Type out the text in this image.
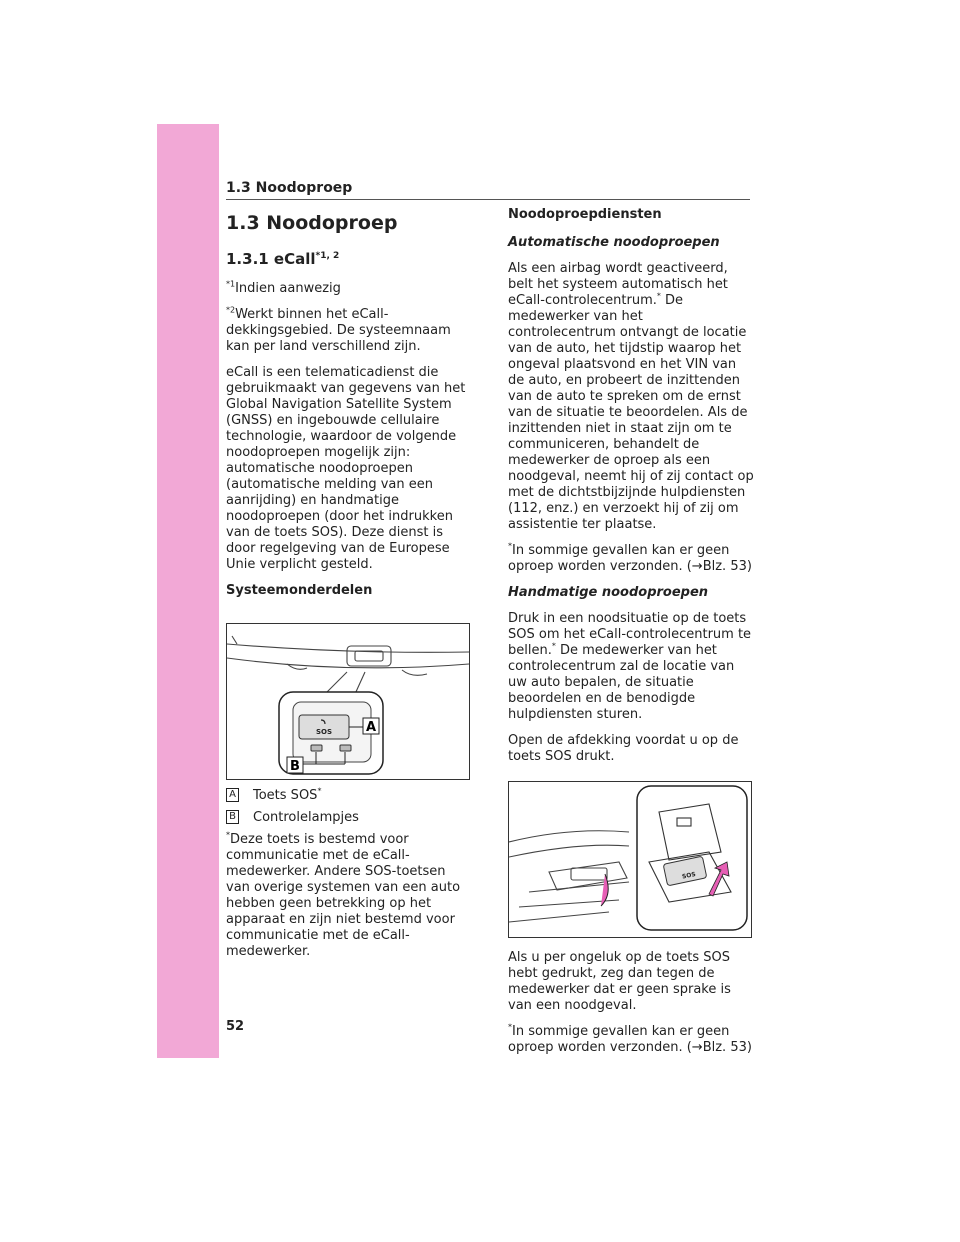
1.3 Noodoproep
1.3 Noodoproep
1.3.1 eCall$^{*1, 2}$

$^{*1}$Indien aanwezig

$^{*2}$Werkt binnen het eCall-dekkingsgebied. De systeemnaam kan per land verschillend zijn.

eCall is een telematicadienst die gebruikmaakt van gegevens van het Global Navigation Satellite System (GNSS) en ingebouwde cellulaire technologie, waardoor de volgende noodoproepen mogelijk zijn: automatische noodoproepen (automatische melding van een aanrijding) en handmatige noodoproepen (door het indrukken van de toets SOS). Deze dienst is door regelgeving van de Europese Unie verplicht gesteld.

Systeemonderdelen
SOS	A
B
A Toets SOS*
B Controlelampjes

*Deze toets is bestemd voor communicatie met de eCall-medewerker. Andere SOS-toetsen van overige systemen van een auto hebben geen betrekking op het apparaat en zijn niet bestemd voor communicatie met de eCall-medewerker.

Noodoproepdiensten
Automatische noodoproepen

Als een airbag wordt geactiveerd, belt het systeem automatisch het eCall-controlecentrum.* De medewerker van het controlecentrum ontvangt de locatie van de auto, het tijdstip waarop het ongeval plaatsvond en het VIN van de auto, en probeert de inzittenden van de auto te spreken om de ernst van de situatie te beoordelen. Als de inzittenden niet in staat zijn om te communiceren, behandelt de medewerker de oproep als een noodgeval, neemt hij of zij contact op met de dichtstbijzijnde hulpdiensten (112, enz.) en verzoekt hij of zij om assistentie ter plaatse.

*In sommige gevallen kan er geen oproep worden verzonden. (→Blz. 53)

Handmatige noodoproepen

Druk in een noodsituatie op de toets SOS om het eCall-controlecentrum te bellen.* De medewerker van het controlecentrum zal de locatie van uw auto bepalen, de situatie beoordelen en de benodigde hulpdiensten sturen.

Open de afdekking voordat u op de toets SOS drukt.

SOS

Als u per ongeluk op de toets SOS hebt gedrukt, zeg dan tegen de medewerker dat er geen sprake is van een noodgeval.

*In sommige gevallen kan er geen oproep worden verzonden. (→Blz. 53)

52
